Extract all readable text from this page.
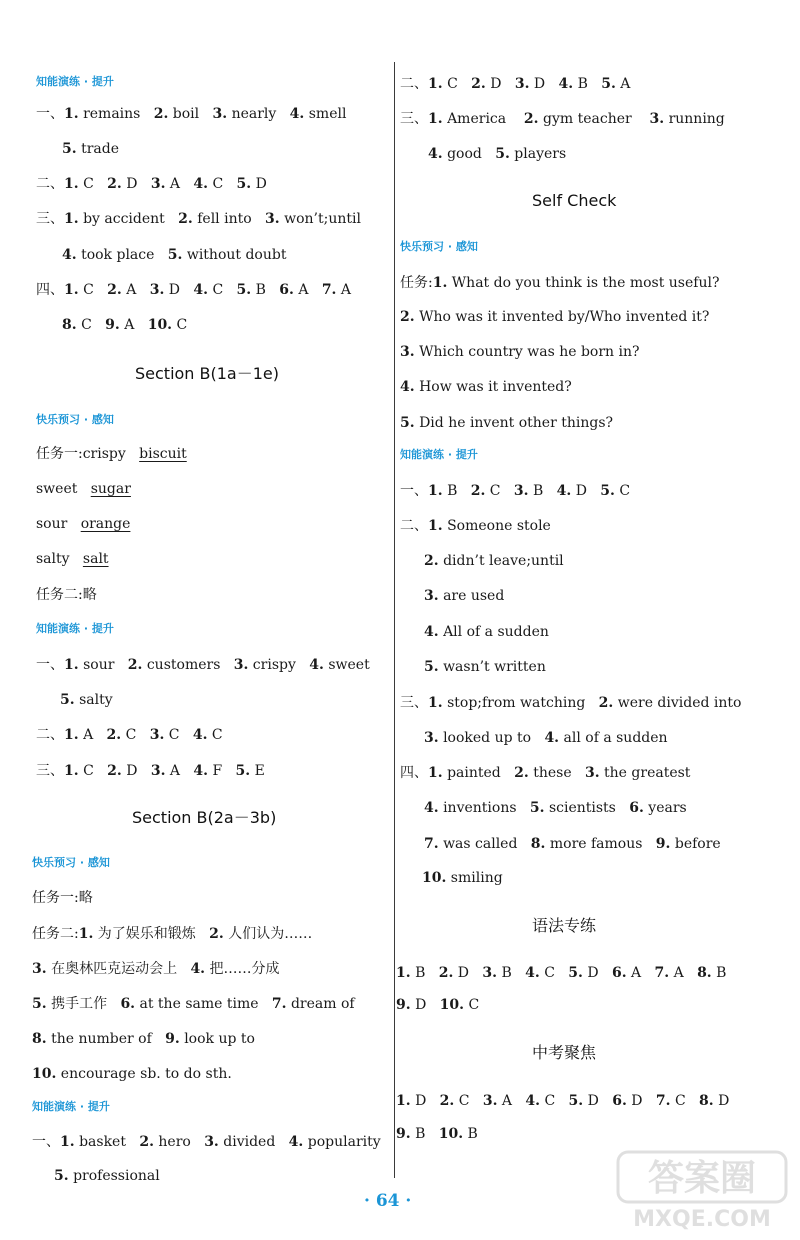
知能演练 · 提升
一、1. remains 2. boil 3. nearly 4. smell
5. trade
二、1. C 2. D 3. A 4. C 5. D
三、1. by accident 2. fell into 3. won’t;until
4. took place 5. without doubt
四、1. C 2. A 3. D 4. C 5. B 6. A 7. A
8. C 9. A 10. C
Section B(1a－1e)
快乐预习 · 感知
任务一:crispy biscuit
sweet sugar
sour orange
salty salt
任务二:略
知能演练 · 提升
一、1. sour 2. customers 3. crispy 4. sweet
5. salty
二、1. A 2. C 3. C 4. C
三、1. C 2. D 3. A 4. F 5. E
Section B(2a－3b)
快乐预习 · 感知
任务一:略
任务二:1. 为了娱乐和锻炼 2. 人们认为……
3. 在奥林匹克运动会上 4. 把……分成
5. 携手工作 6. at the same time 7. dream of
8. the number of 9. look up to
10. encourage sb. to do sth.
知能演练 · 提升
一、1. basket 2. hero 3. divided 4. popularity
5. professional
二、1. C 2. D 3. D 4. B 5. A
三、1. America 2. gym teacher 3. running
4. good 5. players
Self Check
快乐预习 · 感知
任务:1. What do you think is the most useful?
2. Who was it invented by/Who invented it?
3. Which country was he born in?
4. How was it invented?
5. Did he invent other things?
知能演练 · 提升
一、1. B 2. C 3. B 4. D 5. C
二、1. Someone stole
2. didn’t leave;until
3. are used
4. All of a sudden
5. wasn’t written
三、1. stop;from watching 2. were divided into
3. looked up to 4. all of a sudden
四、1. painted 2. these 3. the greatest
4. inventions 5. scientists 6. years
7. was called 8. more famous 9. before
10. smiling
语法专练
1. B 2. D 3. B 4. C 5. D 6. A 7. A 8. B
9. D 10. C
中考聚焦
1. D 2. C 3. A 4. C 5. D 6. D 7. C 8. D
9. B 10. B
· 64 ·
答案圈
MXQE.COM
